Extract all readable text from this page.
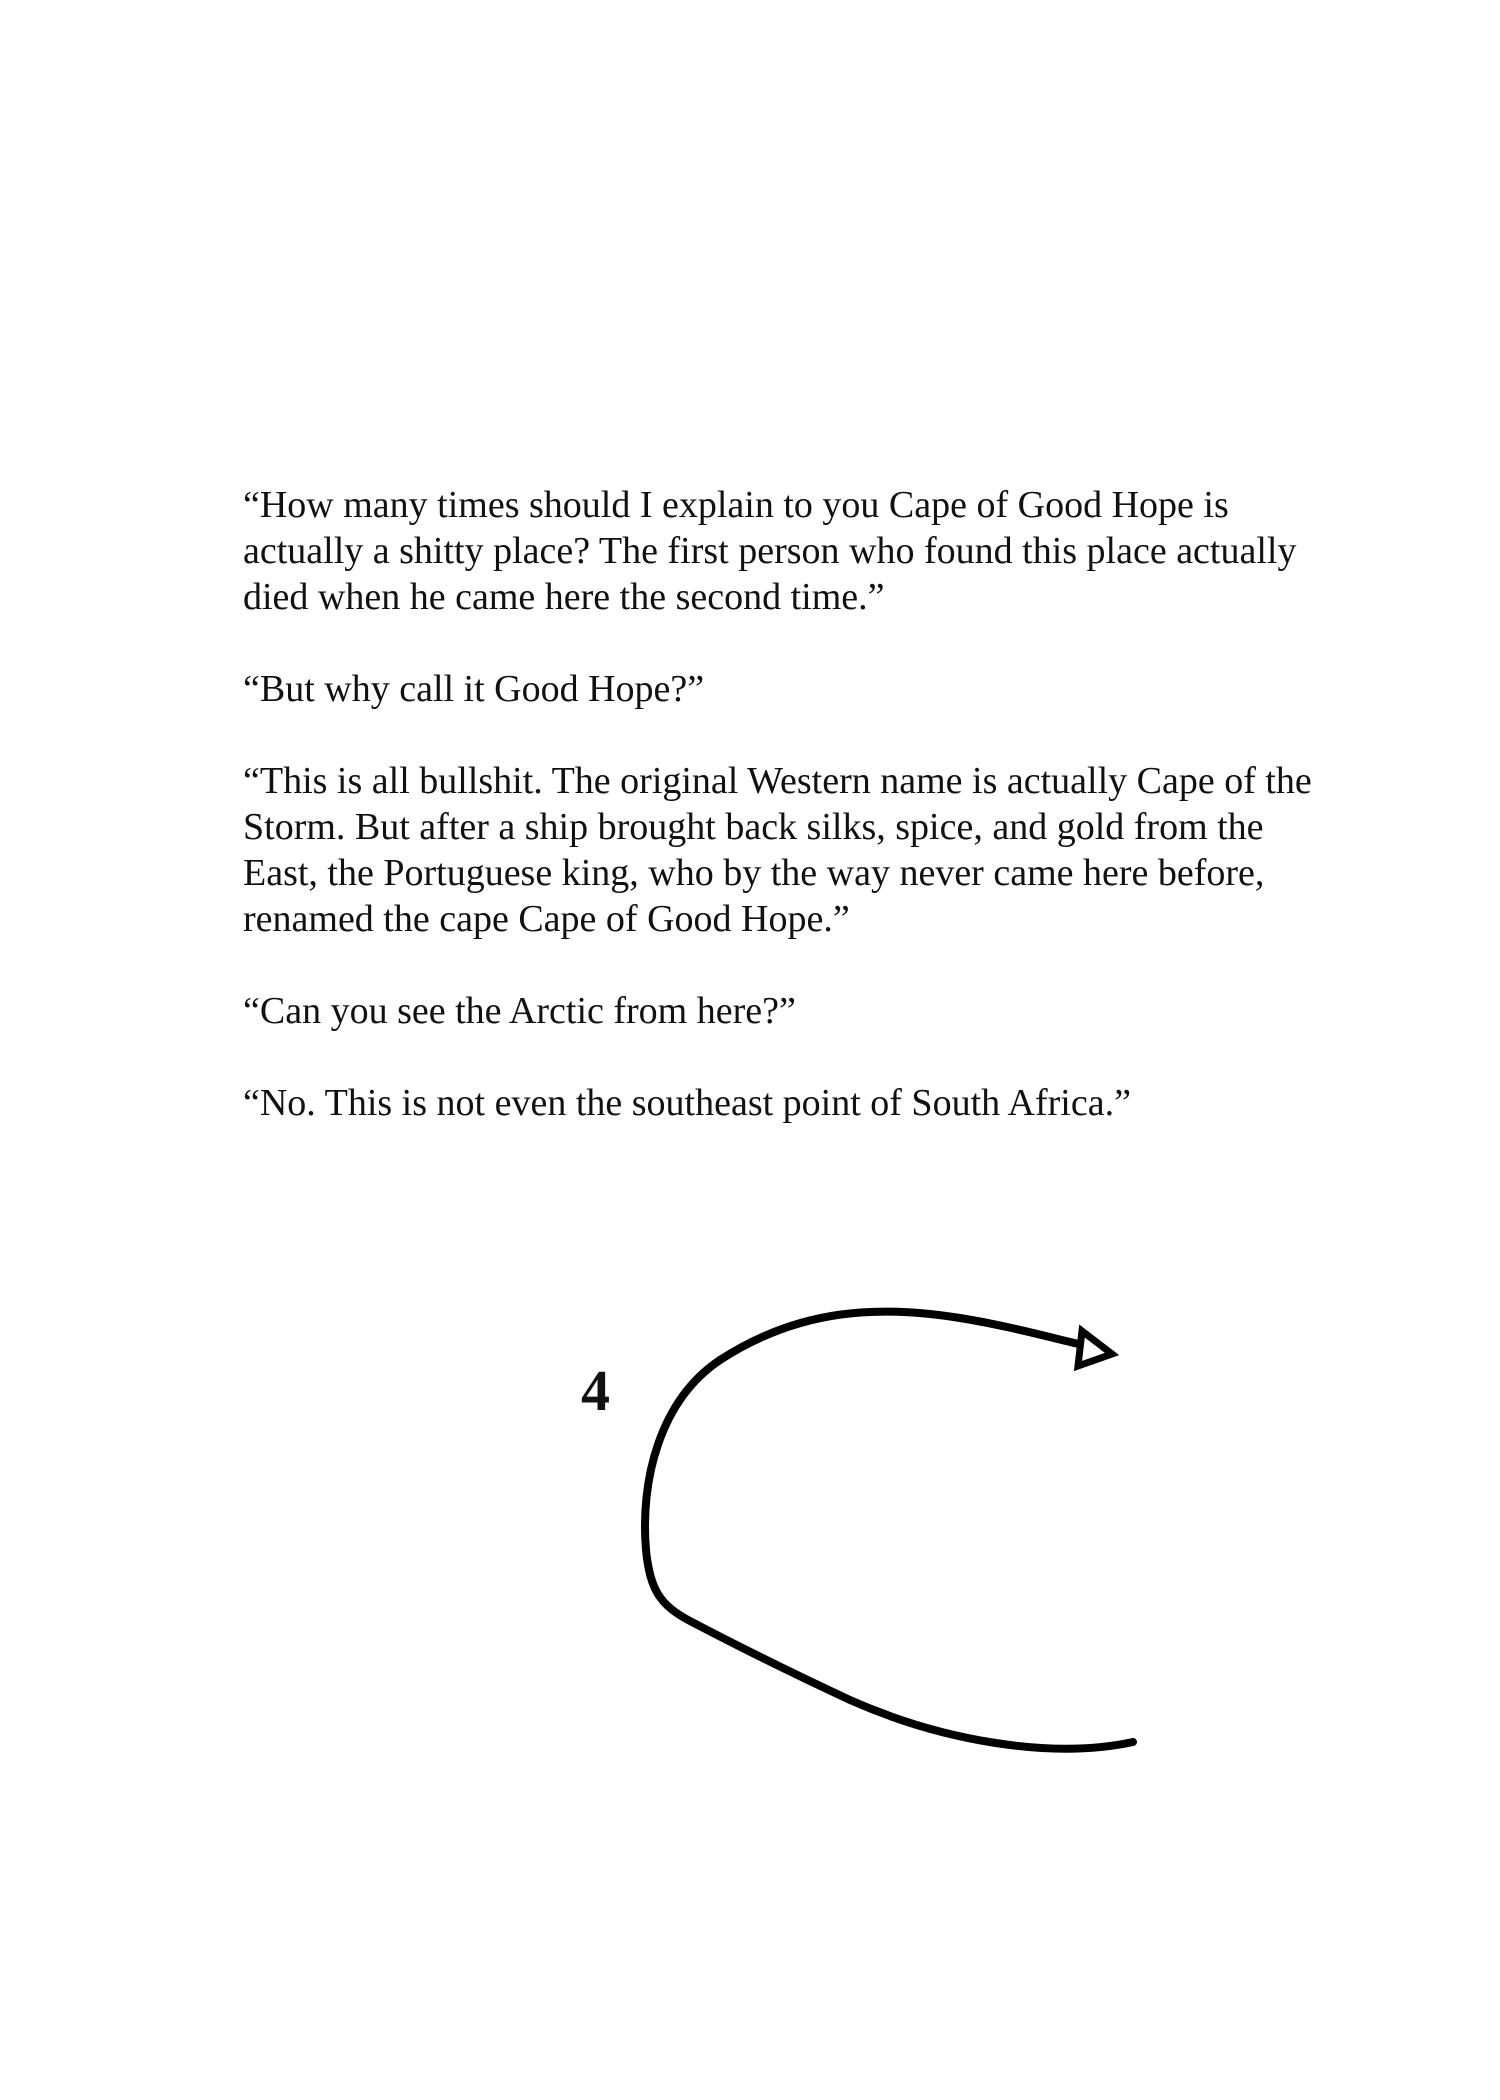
“How many times should I explain to you Cape of Good Hope is
actually a shitty place? The first person who found this place actually
died when he came here the second time.”

“But why call it Good Hope?”

“This is all bullshit. The original Western name is actually Cape of the
Storm. But after a ship brought back silks, spice, and gold from the
East, the Portuguese king, who by the way never came here before,
renamed the cape Cape of Good Hope.”

“Can you see the Arctic from here?”

“No. This is not even the southeast point of South Africa.”

4
